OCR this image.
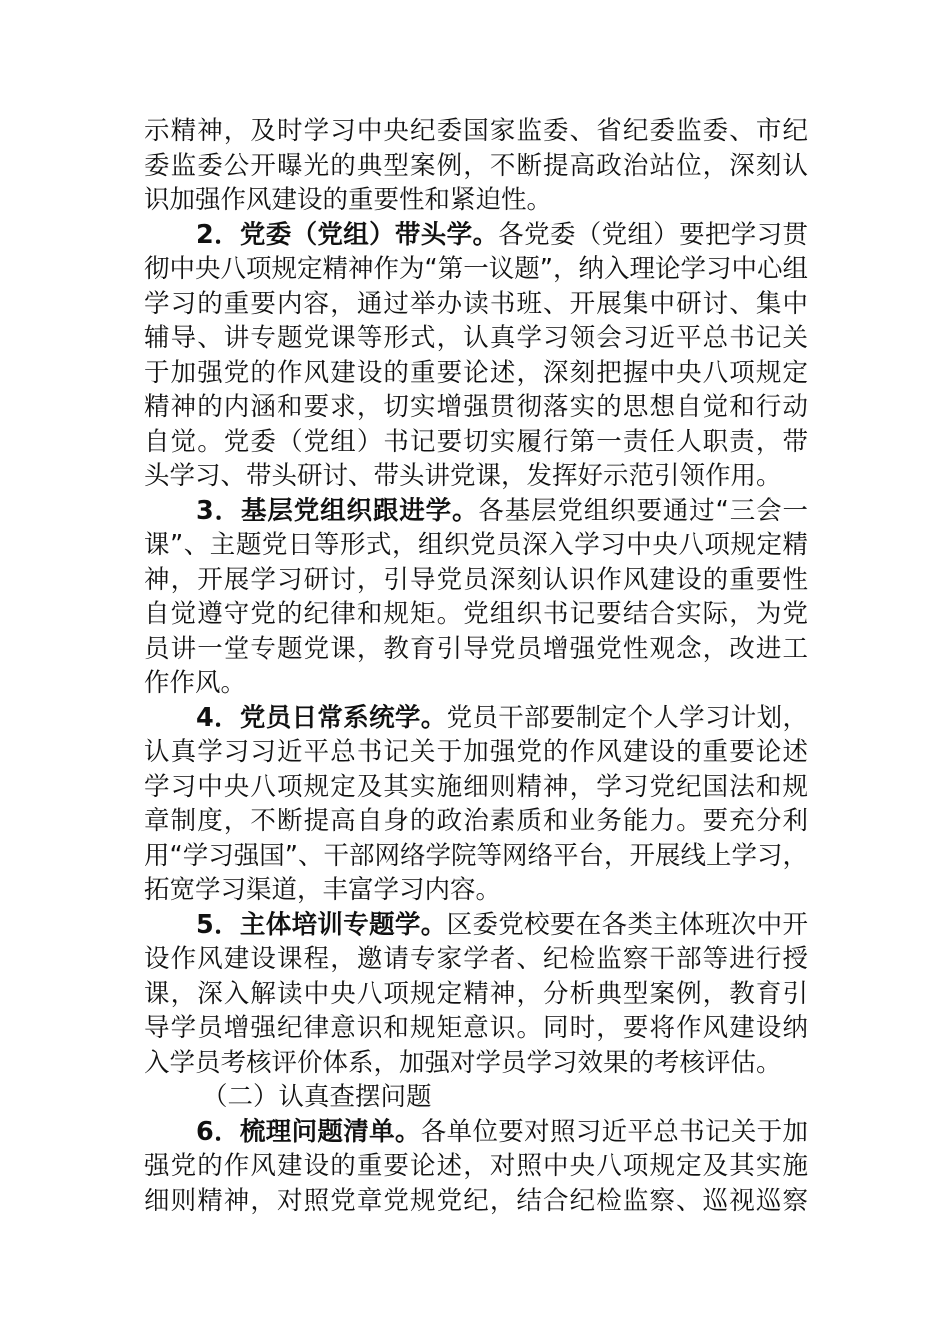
示精神，及时学习中央纪委国家监委、省纪委监委、市纪
委监委公开曝光的典型案例，不断提高政治站位，深刻认
识加强作风建设的重要性和紧迫性。
2．党委（党组）带头学。各党委（党组）要把学习贯
彻中央八项规定精神作为“第一议题”，纳入理论学习中心组
学习的重要内容，通过举办读书班、开展集中研讨、集中
辅导、讲专题党课等形式，认真学习领会习近平总书记关
于加强党的作风建设的重要论述，深刻把握中央八项规定
精神的内涵和要求，切实增强贯彻落实的思想自觉和行动
自觉。党委（党组）书记要切实履行第一责任人职责，带
头学习、带头研讨、带头讲党课，发挥好示范引领作用。
3．基层党组织跟进学。各基层党组织要通过“三会一
课”、主题党日等形式，组织党员深入学习中央八项规定精
神，开展学习研讨，引导党员深刻认识作风建设的重要性
自觉遵守党的纪律和规矩。党组织书记要结合实际，为党
员讲一堂专题党课，教育引导党员增强党性观念，改进工
作作风。
4．党员日常系统学。党员干部要制定个人学习计划，
认真学习习近平总书记关于加强党的作风建设的重要论述
学习中央八项规定及其实施细则精神，学习党纪国法和规
章制度，不断提高自身的政治素质和业务能力。要充分利
用“学习强国”、干部网络学院等网络平台，开展线上学习，
拓宽学习渠道，丰富学习内容。
5．主体培训专题学。区委党校要在各类主体班次中开
设作风建设课程，邀请专家学者、纪检监察干部等进行授
课，深入解读中央八项规定精神，分析典型案例，教育引
导学员增强纪律意识和规矩意识。同时，要将作风建设纳
入学员考核评价体系，加强对学员学习效果的考核评估。
（二）认真查摆问题
6．梳理问题清单。各单位要对照习近平总书记关于加
强党的作风建设的重要论述，对照中央八项规定及其实施
细则精神，对照党章党规党纪，结合纪检监察、巡视巡察
